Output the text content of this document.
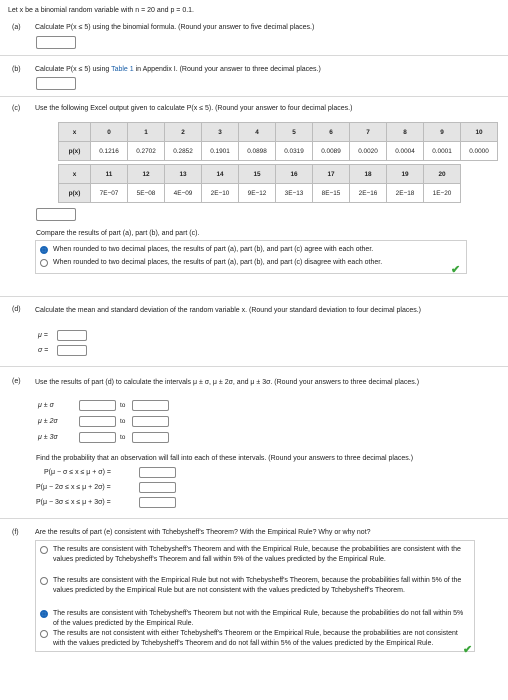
Let x be a binomial random variable with n = 20 and p = 0.1.
(a) Calculate P(x ≤ 5) using the binomial formula. (Round your answer to five decimal places.)
(b) Calculate P(x ≤ 5) using Table 1 in Appendix I. (Round your answer to three decimal places.)
(c) Use the following Excel output given to calculate P(x ≤ 5). (Round your answer to four decimal places.)
x	0	1	2	3	4	5	6	7	8	9	10
p(x)	0.1216	0.2702	0.2852	0.1901	0.0898	0.0319	0.0089	0.0020	0.0004	0.0001	0.0000
x	11	12	13	14	15	16	17	18	19	20
p(x)	7E−07	5E−08	4E−09	2E−10	9E−12	3E−13	8E−15	2E−16	2E−18	1E−20
Compare the results of part (a), part (b), and part (c).
When rounded to two decimal places, the results of part (a), part (b), and part (c) agree with each other.
When rounded to two decimal places, the results of part (a), part (b), and part (c) disagree with each other.
✔
(d) Calculate the mean and standard deviation of the random variable x. (Round your standard deviation to four decimal places.)
μ =
σ =
(e) Use the results of part (d) to calculate the intervals μ ± σ, μ ± 2σ, and μ ± 3σ. (Round your answers to three decimal places.)
μ ± σ	to
μ ± 2σ	to
μ ± 3σ	to
Find the probability that an observation will fall into each of these intervals. (Round your answers to three decimal places.)
P(μ − σ ≤ x ≤ μ + σ) =
P(μ − 2σ ≤ x ≤ μ + 2σ) =
P(μ − 3σ ≤ x ≤ μ + 3σ) =
(f) Are the results of part (e) consistent with Tchebysheff's Theorem? With the Empirical Rule? Why or why not?
The results are consistent with Tchebysheff's Theorem and with the Empirical Rule, because the probabilities are consistent with the values predicted by Tchebysheff's Theorem and fall within 5% of the values predicted by the Empirical Rule.
The results are consistent with the Empirical Rule but not with Tchebysheff's Theorem, because the probabilities fall within 5% of the values predicted by the Empirical Rule but are not consistent with the values predicted by Tchebysheff's Theorem.
The results are consistent with Tchebysheff's Theorem but not with the Empirical Rule, because the probabilities do not fall within 5% of the values predicted by the Empirical Rule.
The results are not consistent with either Tchebysheff's Theorem or the Empirical Rule, because the probabilities are not consistent with the values predicted by Tchebysheff's Theorem and do not fall within 5% of the values predicted by the Empirical Rule.
✔
